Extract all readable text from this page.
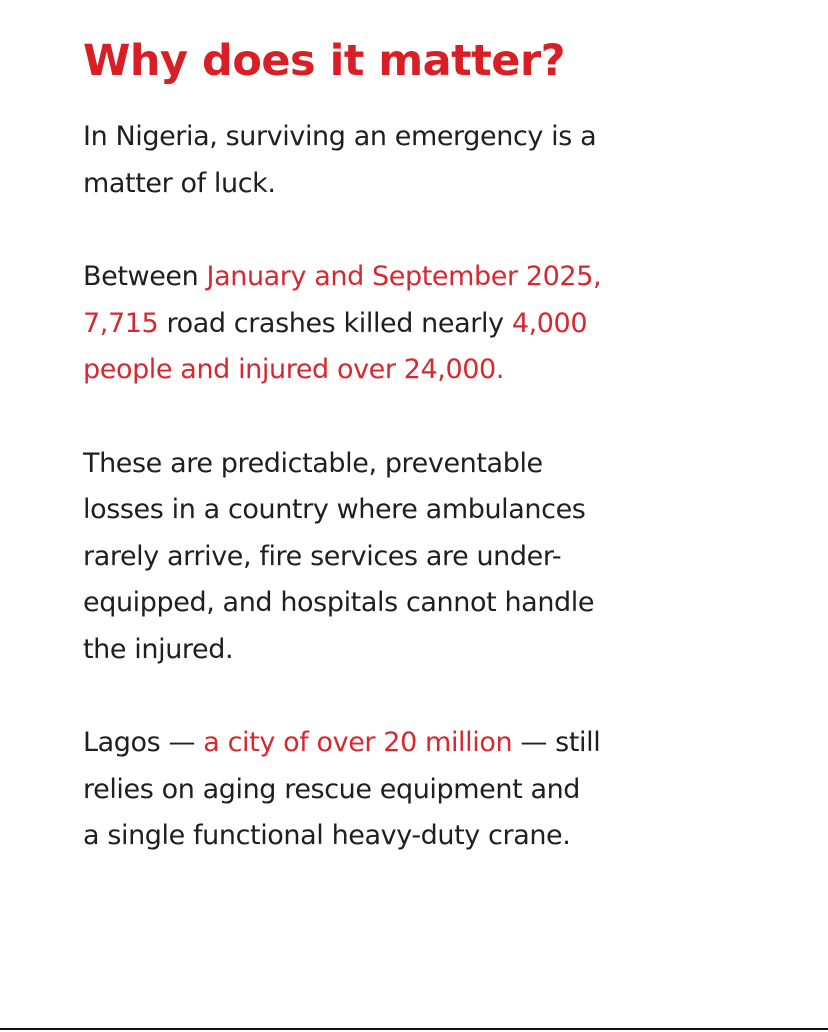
Why does it matter?

In Nigeria, surviving an emergency is a
matter of luck.

Between January and September 2025,
7,715 road crashes killed nearly 4,000
people and injured over 24,000.

These are predictable, preventable
losses in a country where ambulances
rarely arrive, fire services are under-
equipped, and hospitals cannot handle
the injured.

Lagos — a city of over 20 million — still
relies on aging rescue equipment and
a single functional heavy-duty crane.
